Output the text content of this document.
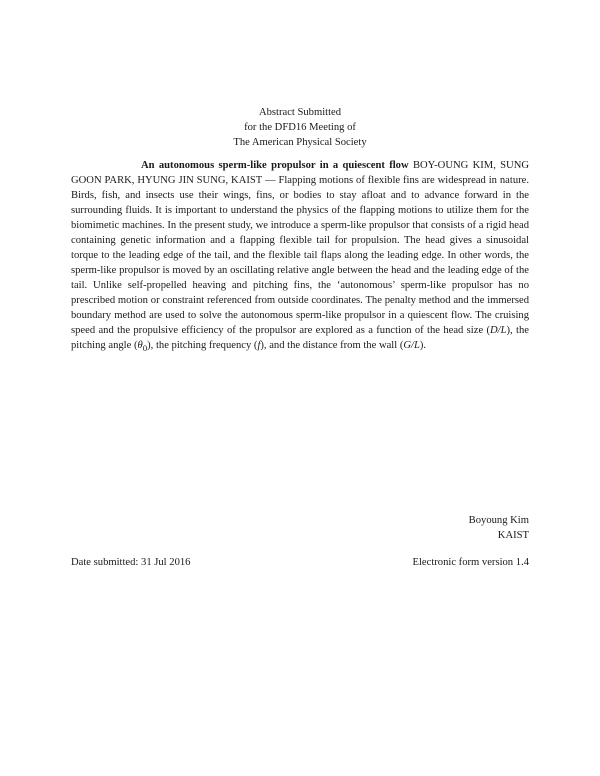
Abstract Submitted
for the DFD16 Meeting of
The American Physical Society
An autonomous sperm-like propulsor in a quiescent flow BOY-OUNG KIM, SUNG GOON PARK, HYUNG JIN SUNG, KAIST — Flapping motions of flexible fins are widespread in nature. Birds, fish, and insects use their wings, fins, or bodies to stay afloat and to advance forward in the surrounding fluids. It is important to understand the physics of the flapping motions to utilize them for the biomimetic machines. In the present study, we introduce a sperm-like propulsor that consists of a rigid head containing genetic information and a flapping flexible tail for propulsion. The head gives a sinusoidal torque to the leading edge of the tail, and the flexible tail flaps along the leading edge. In other words, the sperm-like propulsor is moved by an oscillating relative angle between the head and the leading edge of the tail. Unlike self-propelled heaving and pitching fins, the ‘autonomous’ sperm-like propulsor has no prescribed motion or constraint referenced from outside coordinates. The penalty method and the immersed boundary method are used to solve the autonomous sperm-like propulsor in a quiescent flow. The cruising speed and the propulsive efficiency of the propulsor are explored as a function of the head size (D/L), the pitching angle $(\theta_0)$, the pitching frequency (f), and the distance from the wall (G/L).
Boyoung Kim
KAIST
Date submitted: 31 Jul 2016	Electronic form version 1.4
